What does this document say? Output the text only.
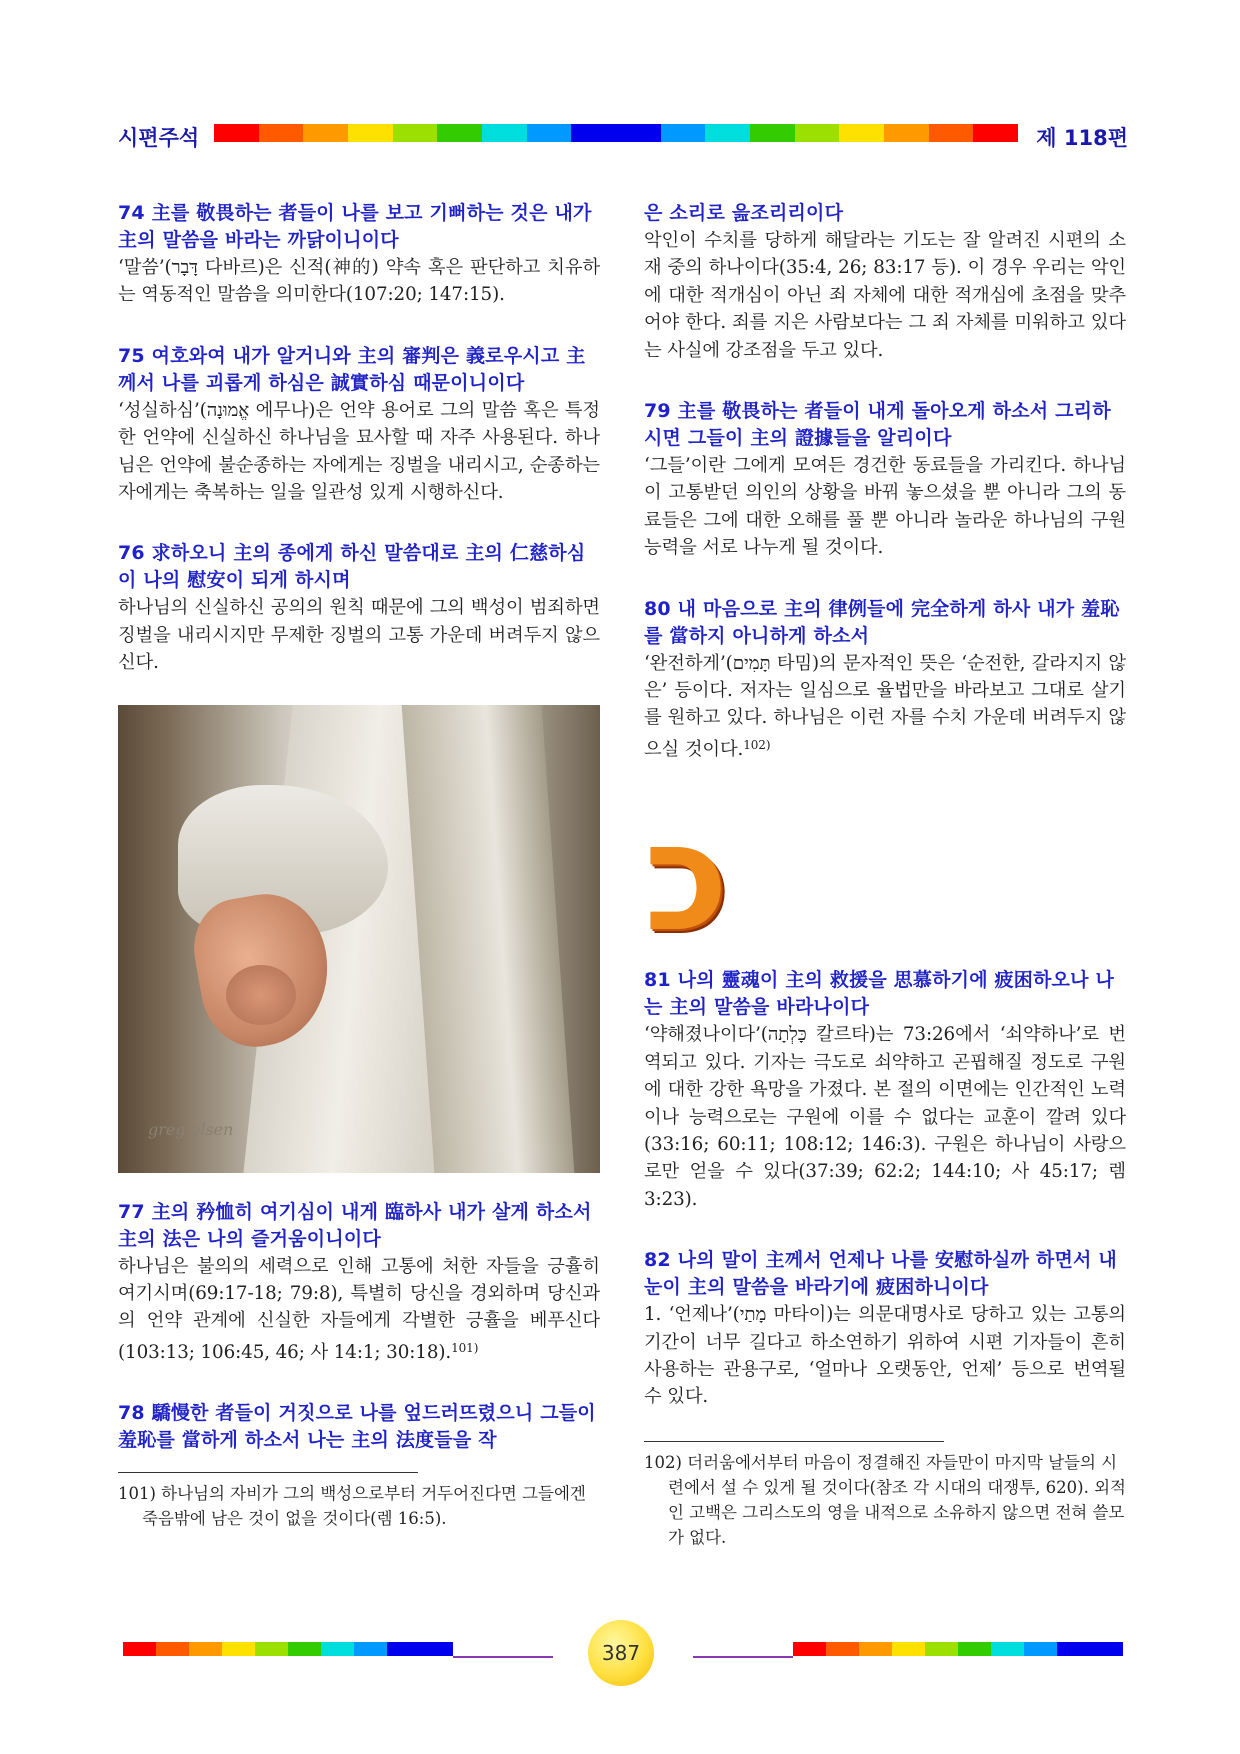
시편주석	제 118편

74 主를 敬畏하는 者들이 나를 보고 기뻐하는 것은 내가 主의 말씀을 바라는 까닭이니이다

‘말씀’(דָּבָר 다바르)은 신적(神的) 약속 혹은 판단하고 치유하는 역동적인 말씀을 의미한다(107:20; 147:15).

75 여호와여 내가 알거니와 主의 審判은 義로우시고 主께서 나를 괴롭게 하심은 誠實하심 때문이니이다

‘성실하심’(אֱמוּנָה 에무나)은 언약 용어로 그의 말씀 혹은 특정한 언약에 신실하신 하나님을 묘사할 때 자주 사용된다. 하나님은 언약에 불순종하는 자에게는 징벌을 내리시고, 순종하는 자에게는 축복하는 일을 일관성 있게 시행하신다.

76 求하오니 主의 종에게 하신 말씀대로 主의 仁慈하심이 나의 慰安이 되게 하시며

하나님의 신실하신 공의의 원칙 때문에 그의 백성이 범죄하면 징벌을 내리시지만 무제한 징벌의 고통 가운데 버려두지 않으신다.

greg olsen

77 主의 矜恤히 여기심이 내게 臨하사 내가 살게 하소서 主의 法은 나의 즐거움이니이다

하나님은 불의의 세력으로 인해 고통에 처한 자들을 긍휼히 여기시며(69:17-18; 79:8), 특별히 당신을 경외하며 당신과의 언약 관계에 신실한 자들에게 각별한 긍휼을 베푸신다(103:13; 106:45, 46; 사 14:1; 30:18).$^{101)}$

78 驕慢한 者들이 거짓으로 나를 엎드러뜨렸으니 그들이 羞恥를 當하게 하소서 나는 主의 法度들을 작

101) 하나님의 자비가 그의 백성으로부터 거두어진다면 그들에겐 죽음밖에 남은 것이 없을 것이다(렘 16:5).

은 소리로 읊조리리이다

악인이 수치를 당하게 해달라는 기도는 잘 알려진 시편의 소재 중의 하나이다(35:4, 26; 83:17 등). 이 경우 우리는 악인에 대한 적개심이 아닌 죄 자체에 대한 적개심에 초점을 맞추어야 한다. 죄를 지은 사람보다는 그 죄 자체를 미워하고 있다는 사실에 강조점을 두고 있다.

79 主를 敬畏하는 者들이 내게 돌아오게 하소서 그리하시면 그들이 主의 證據들을 알리이다

‘그들’이란 그에게 모여든 경건한 동료들을 가리킨다. 하나님이 고통받던 의인의 상황을 바꿔 놓으셨을 뿐 아니라 그의 동료들은 그에 대한 오해를 풀 뿐 아니라 놀라운 하나님의 구원 능력을 서로 나누게 될 것이다.

80 내 마음으로 主의 律例들에 完全하게 하사 내가 羞恥를 當하지 아니하게 하소서

‘완전하게’(תָּמִים 타밈)의 문자적인 뜻은 ‘순전한, 갈라지지 않은’ 등이다. 저자는 일심으로 율법만을 바라보고 그대로 살기를 원하고 있다. 하나님은 이런 자를 수치 가운데 버려두지 않으실 것이다.$^{102)}$

כ

81 나의 靈魂이 主의 救援을 思慕하기에 疲困하오나 나는 主의 말씀을 바라나이다

‘약해졌나이다’(כָּלְתָה 칼르타)는 73:26에서 ‘쇠약하나’로 번역되고 있다. 기자는 극도로 쇠약하고 곤핍해질 정도로 구원에 대한 강한 욕망을 가졌다. 본 절의 이면에는 인간적인 노력이나 능력으로는 구원에 이를 수 없다는 교훈이 깔려 있다(33:16; 60:11; 108:12; 146:3). 구원은 하나님이 사랑으로만 얻을 수 있다(37:39; 62:2; 144:10; 사 45:17; 렘 3:23).

82 나의 말이 主께서 언제나 나를 安慰하실까 하면서 내 눈이 主의 말씀을 바라기에 疲困하니이다

1. ‘언제나’(מָתַי 마타이)는 의문대명사로 당하고 있는 고통의 기간이 너무 길다고 하소연하기 위하여 시편 기자들이 흔히 사용하는 관용구로, ‘얼마나 오랫동안, 언제’ 등으로 번역될 수 있다.

102) 더러움에서부터 마음이 정결해진 자들만이 마지막 날들의 시련에서 설 수 있게 될 것이다(참조 각 시대의 대쟁투, 620). 외적인 고백은 그리스도의 영을 내적으로 소유하지 않으면 전혀 쓸모가 없다.

387
